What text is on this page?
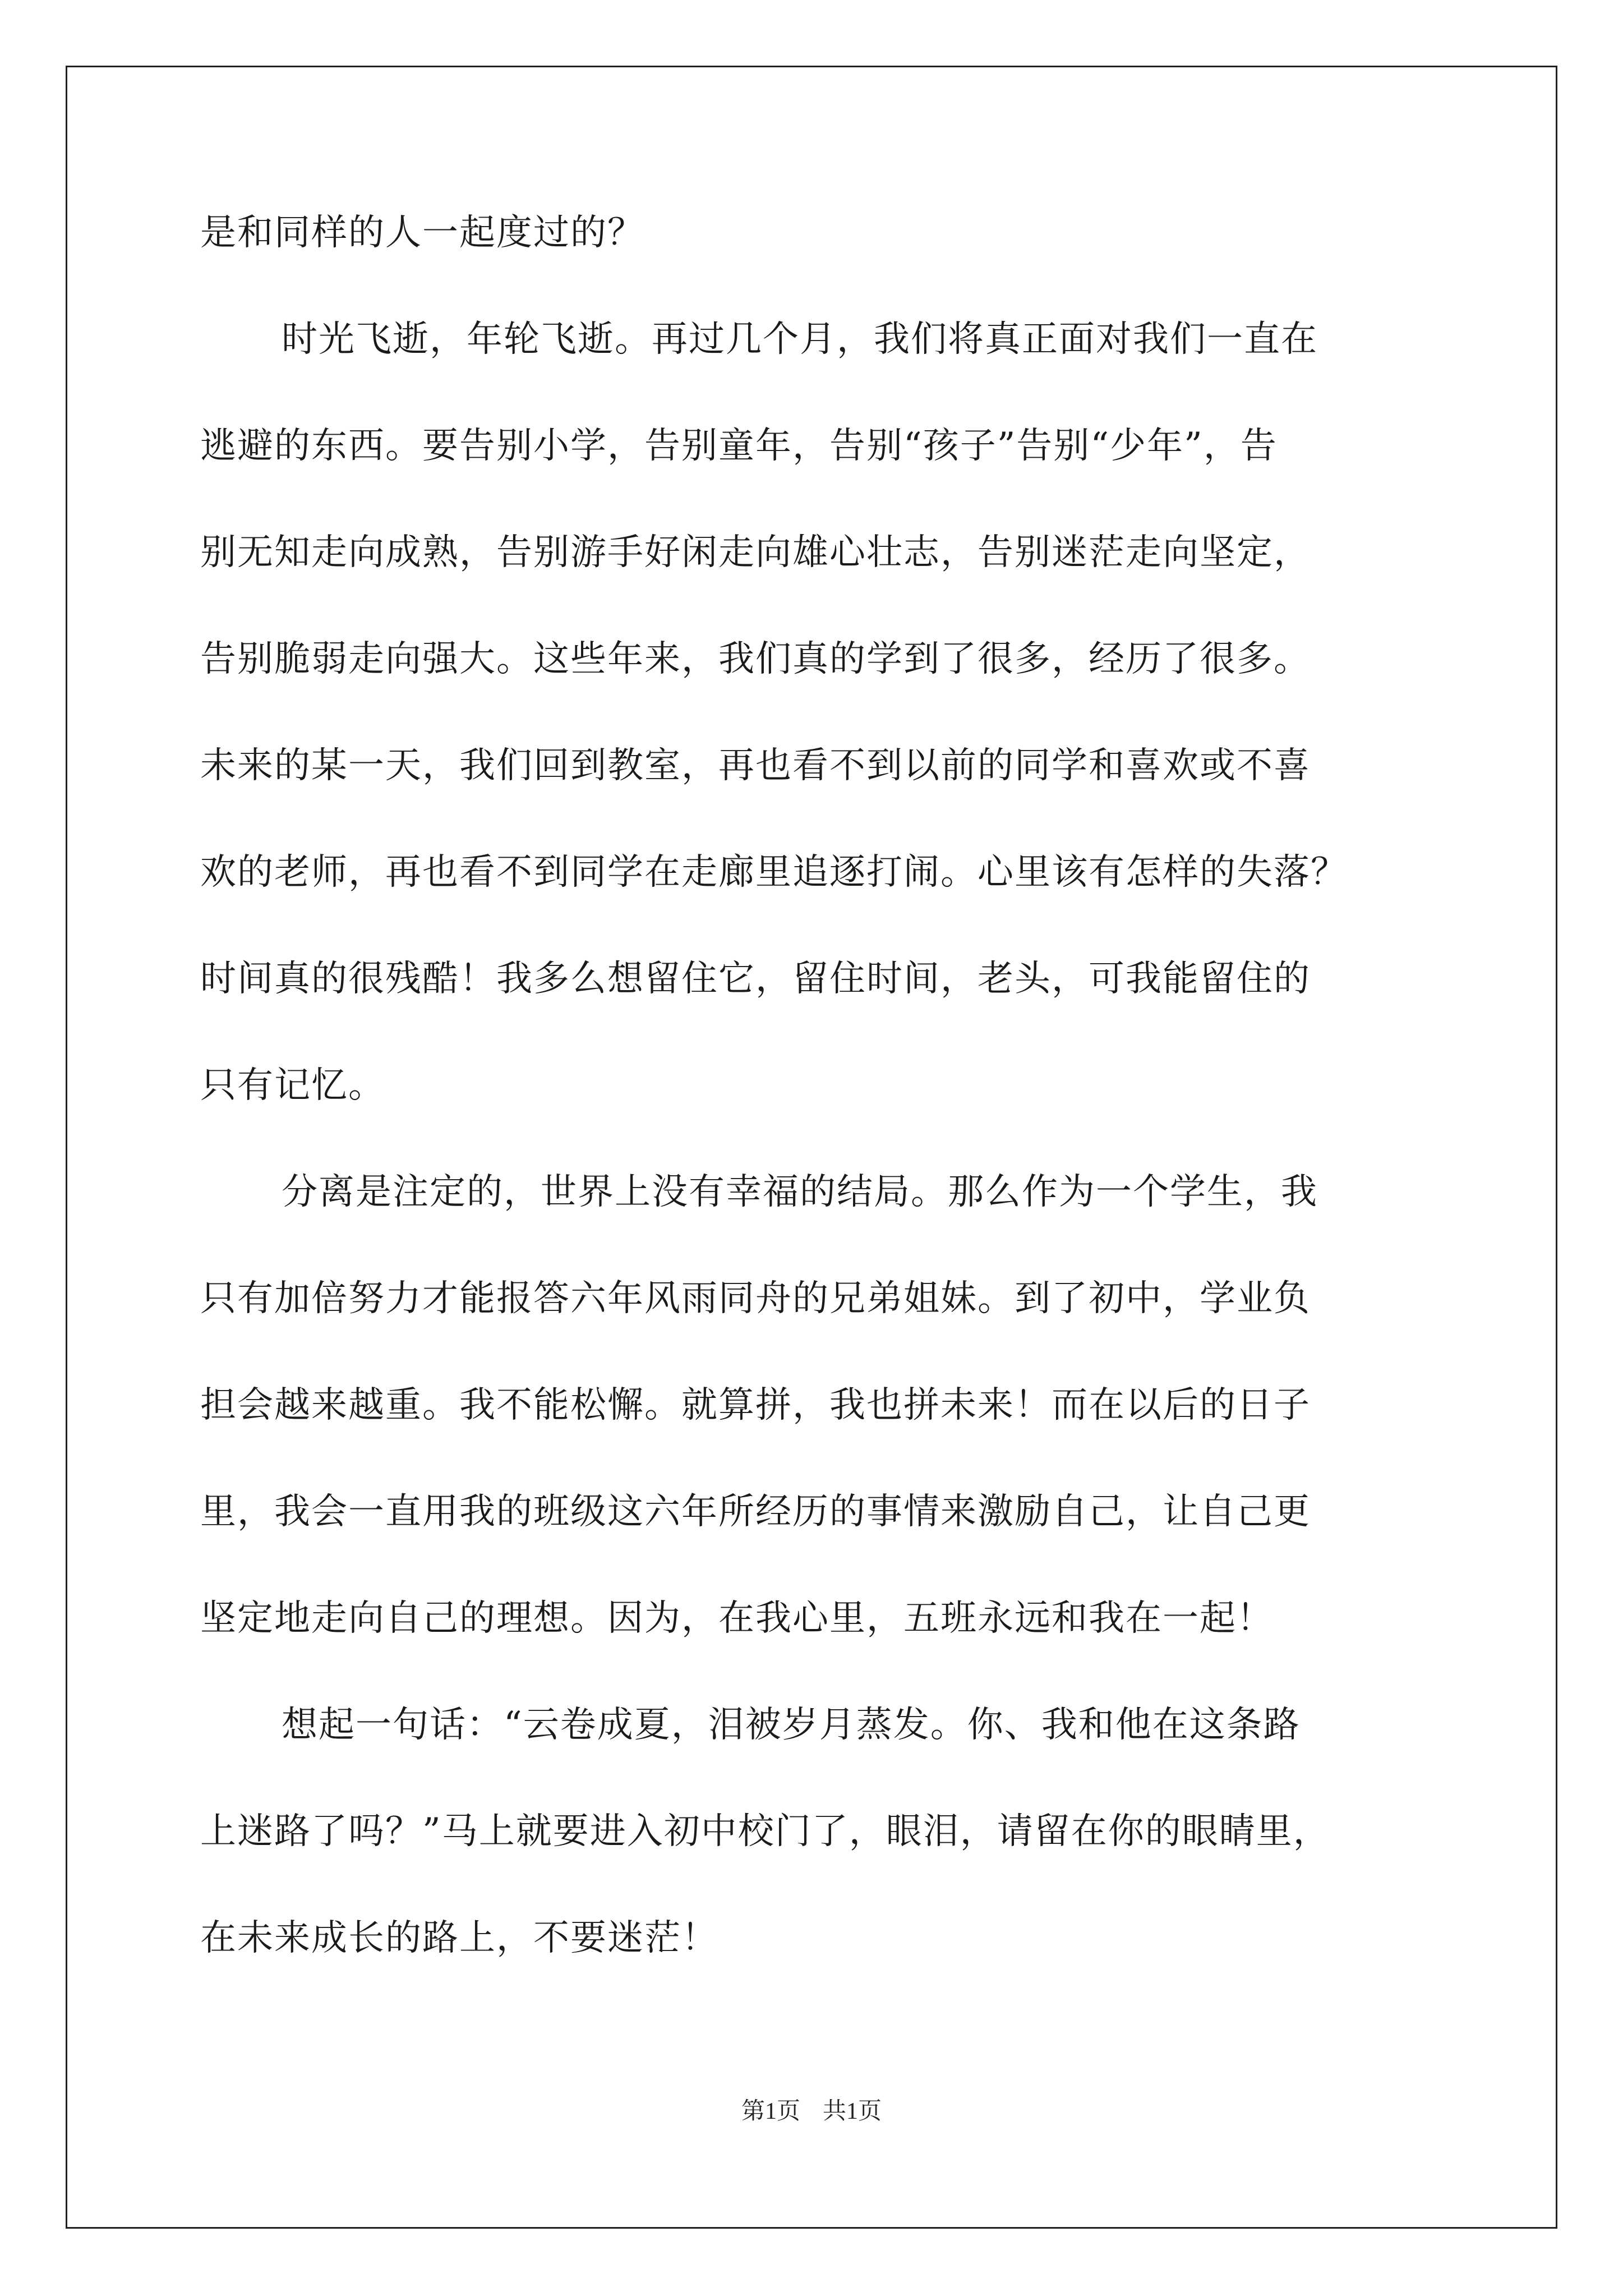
是和同样的人一起度过的？
时光飞逝，年轮飞逝。再过几个月，我们将真正面对我们一直在
逃避的东西。要告别小学，告别童年，告别“孩子”告别“少年”，告
别无知走向成熟，告别游手好闲走向雄心壮志，告别迷茫走向坚定，
告别脆弱走向强大。这些年来，我们真的学到了很多，经历了很多。
未来的某一天，我们回到教室，再也看不到以前的同学和喜欢或不喜
欢的老师，再也看不到同学在走廊里追逐打闹。心里该有怎样的失落？
时间真的很残酷！我多么想留住它，留住时间，老头，可我能留住的
只有记忆。
分离是注定的，世界上没有幸福的结局。那么作为一个学生，我
只有加倍努力才能报答六年风雨同舟的兄弟姐妹。到了初中，学业负
担会越来越重。我不能松懈。就算拼，我也拼未来！而在以后的日子
里，我会一直用我的班级这六年所经历的事情来激励自己，让自己更
坚定地走向自己的理想。因为，在我心里，五班永远和我在一起！
想起一句话：“云卷成夏，泪被岁月蒸发。你、我和他在这条路
上迷路了吗？”马上就要进入初中校门了，眼泪，请留在你的眼睛里，
在未来成长的路上，不要迷茫！
第1页 共1页
